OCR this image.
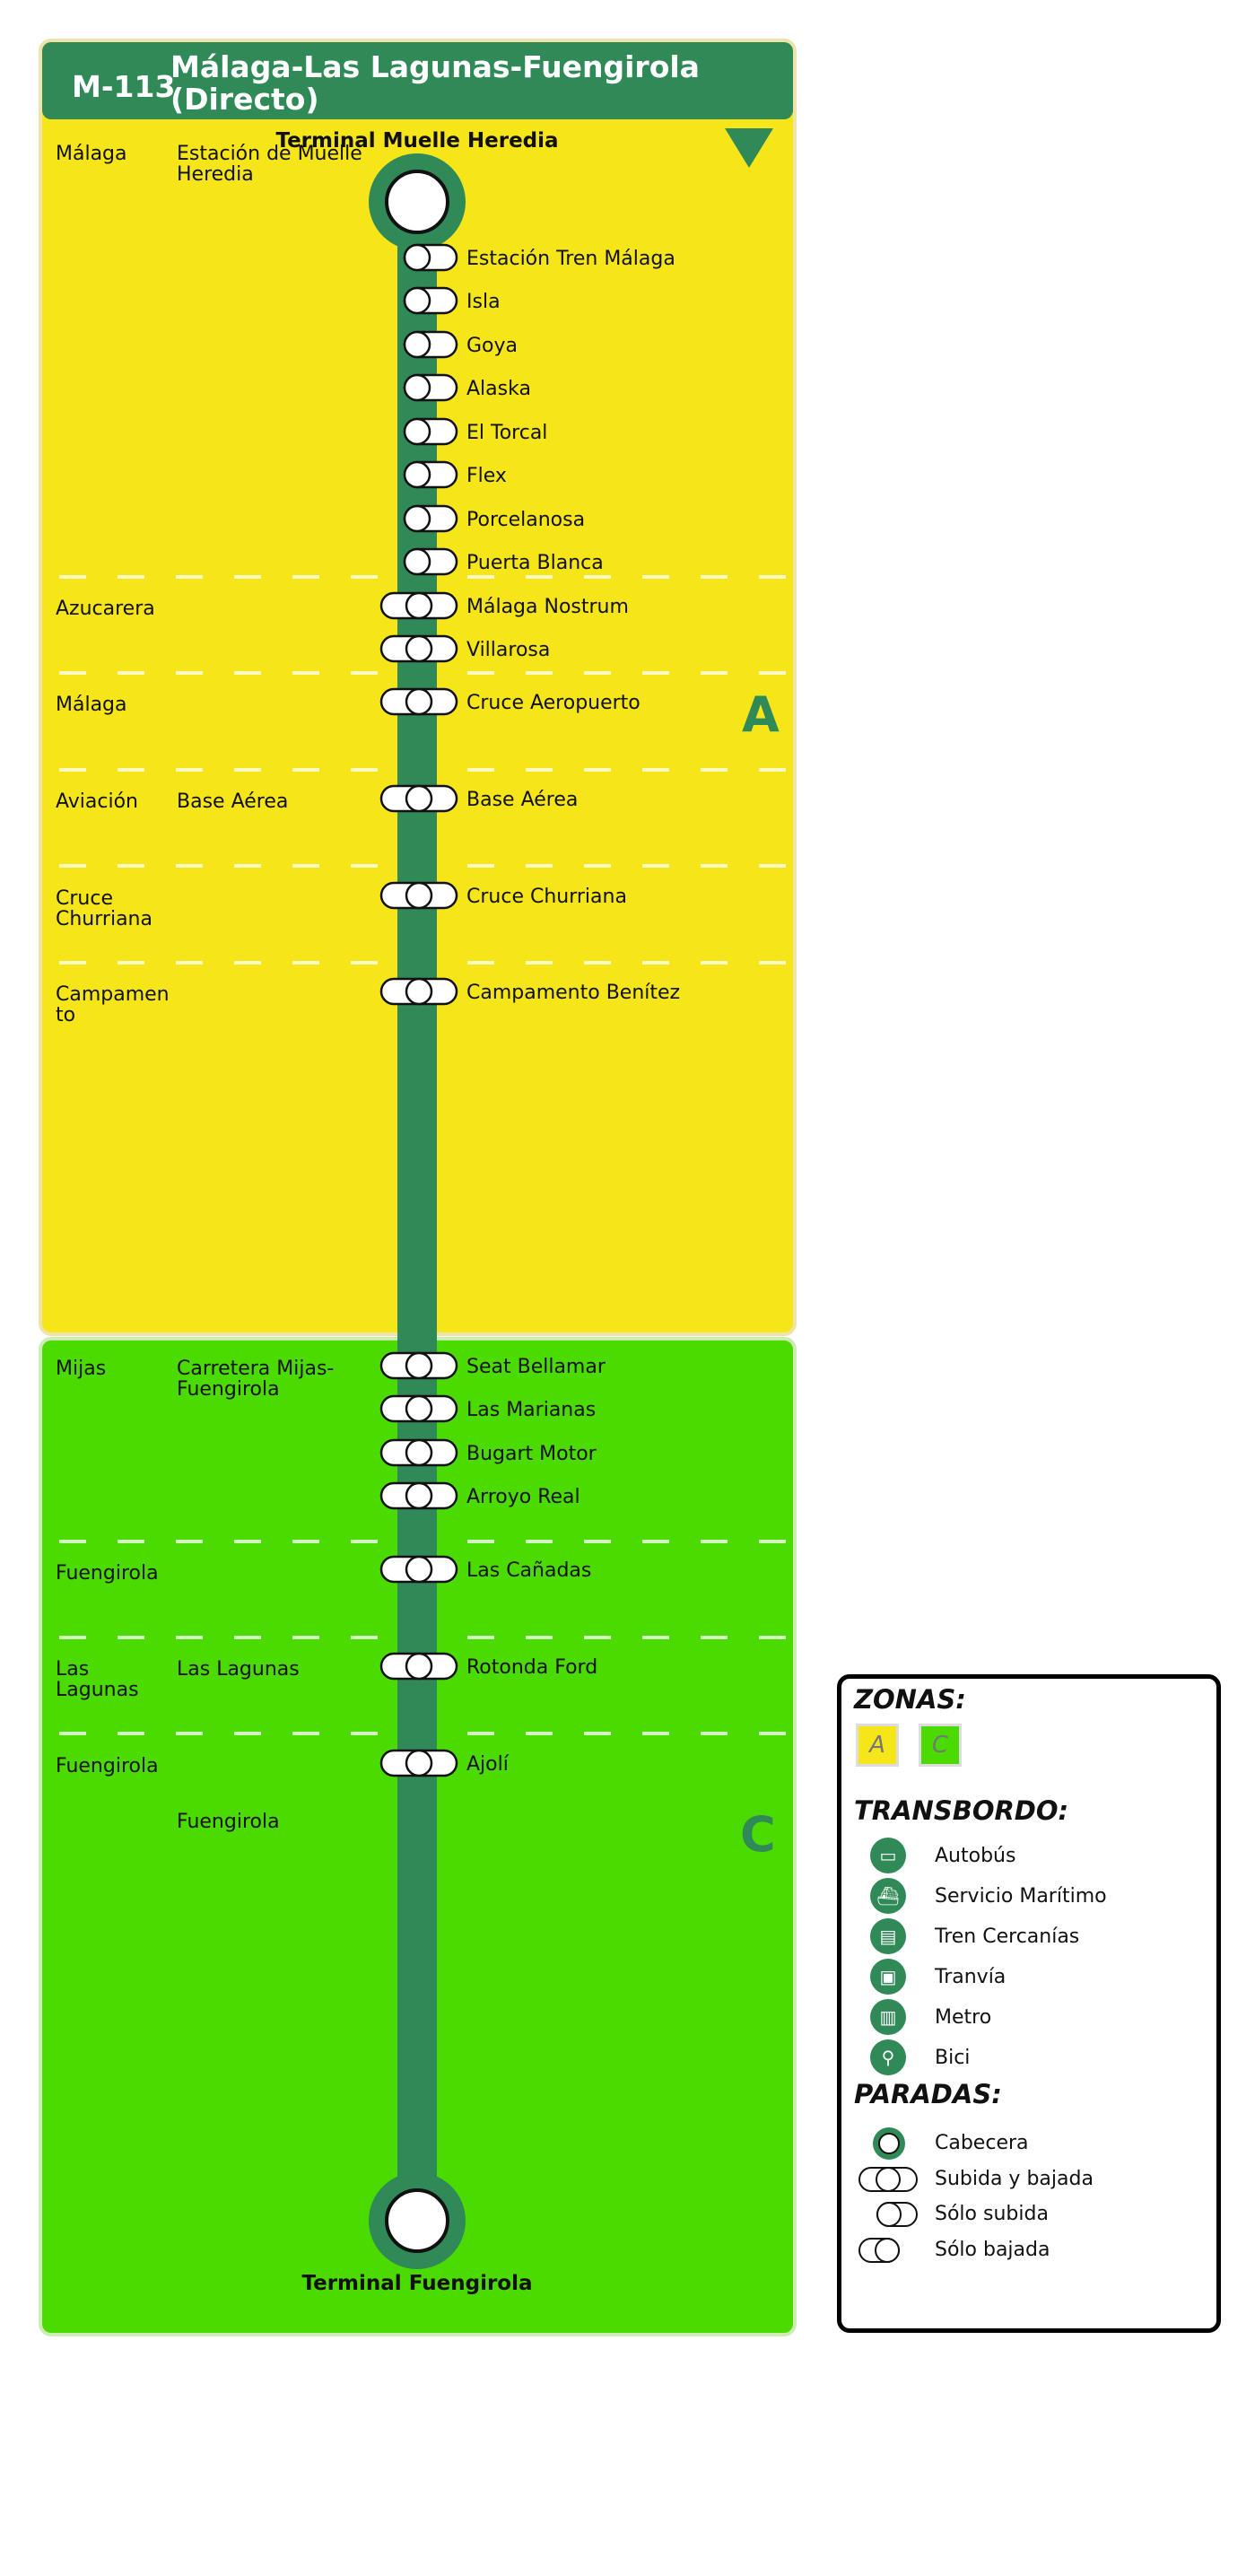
M-113
Málaga-Las Lagunas-Fuengirola
(Directo)
A
C
Terminal Muelle Heredia
Terminal Fuengirola
Estación Tren Málaga
Isla
Goya
Alaska
El Torcal
Flex
Porcelanosa
Puerta Blanca
Málaga Nostrum
Villarosa
Cruce Aeropuerto
Base Aérea
Cruce Churriana
Campamento Benítez
Seat Bellamar
Las Marianas
Bugart Motor
Arroyo Real
Las Cañadas
Rotonda Ford
Ajolí
Málaga	Estación de Muelle
Heredia
Azucarera
Málaga
Aviación Base Aérea
Cruce
Churriana
Campamen
to
Mijas	Carretera Mijas-
Fuengirola
Fuengirola
Las
Lagunas
Las Lagunas
Fuengirola
Fuengirola
ZONAS:
A	C
TRANSBORDO:
▭	Autobús
⛴	Servicio Marítimo
▤	Tren Cercanías
▣	Tranvía
▥	Metro
⚲	Bici
PARADAS:
Cabecera
Subida y bajada
Sólo subida
Sólo bajada
